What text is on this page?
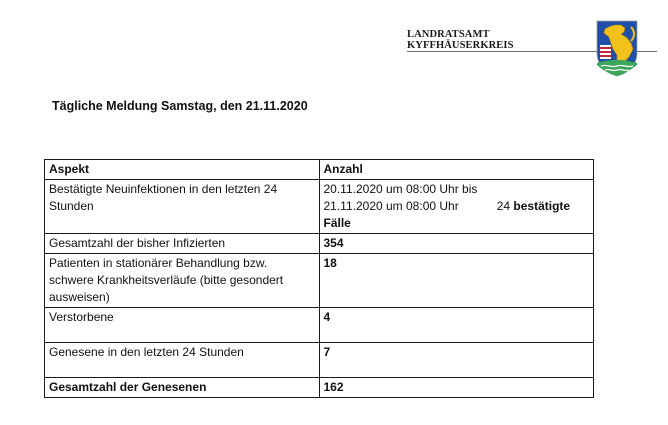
LANDRATSAMT
KYFFHÄUSERKREIS
Tägliche Meldung Samstag, den 21.11.2020
Aspekt	Anzahl
Bestätigte Neuinfektionen in den letzten 24 Stunden	20.11.2020 um 08:00 Uhr bis
21.11.2020 um 08:00 Uhr 24 bestätigte
Fälle

Gesamtzahl der bisher Infizierten	354
Patienten in stationärer Behandlung bzw. schwere Krankheitsverläufe (bitte gesondert ausweisen)	18
Verstorbene	4
Genesene in den letzten 24 Stunden	7
Gesamtzahl der Genesenen	162
